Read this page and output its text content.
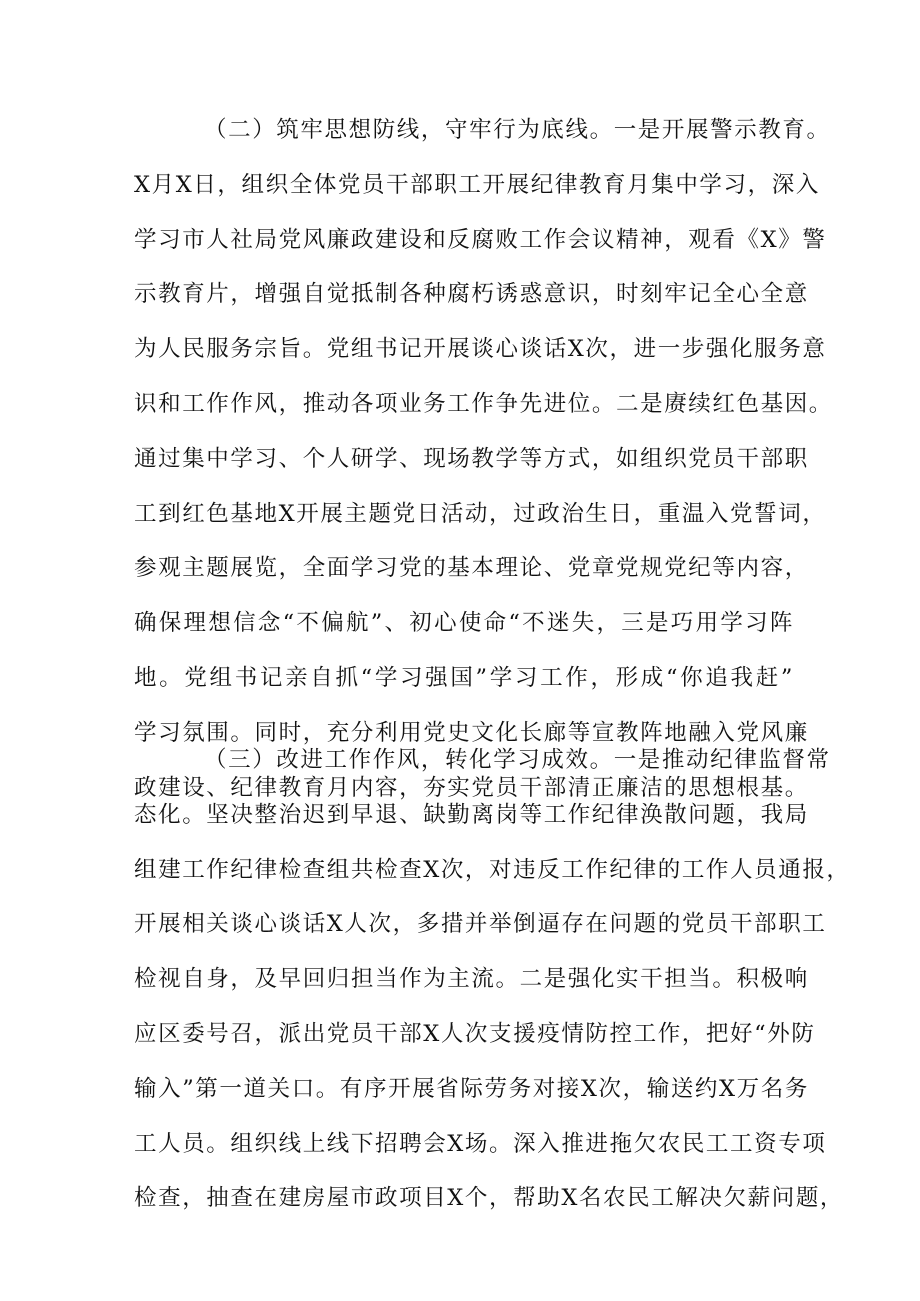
（二）筑牢思想防线，守牢行为底线。一是开展警示教育。
X月X日，组织全体党员干部职工开展纪律教育月集中学习，深入
学习市人社局党风廉政建设和反腐败工作会议精神，观看《X》警
示教育片，增强自觉抵制各种腐朽诱惑意识，时刻牢记全心全意
为人民服务宗旨。党组书记开展谈心谈话X次，进一步强化服务意
识和工作作风，推动各项业务工作争先进位。二是赓续红色基因。
通过集中学习、个人研学、现场教学等方式，如组织党员干部职
工到红色基地X开展主题党日活动，过政治生日，重温入党誓词，
参观主题展览，全面学习党的基本理论、党章党规党纪等内容，
确保理想信念“不偏航”、初心使命“不迷失，三是巧用学习阵
地。党组书记亲自抓“学习强国”学习工作，形成“你追我赶”
学习氛围。同时，充分利用党史文化长廊等宣教阵地融入党风廉
政建设、纪律教育月内容，夯实党员干部清正廉洁的思想根基。
（三）改进工作作风，转化学习成效。一是推动纪律监督常
态化。坚决整治迟到早退、缺勤离岗等工作纪律涣散问题，我局
组建工作纪律检查组共检查X次，对违反工作纪律的工作人员通报，
开展相关谈心谈话X人次，多措并举倒逼存在问题的党员干部职工
检视自身，及早回归担当作为主流。二是强化实干担当。积极响
应区委号召，派出党员干部X人次支援疫情防控工作，把好“外防
输入”第一道关口。有序开展省际劳务对接X次，输送约X万名务
工人员。组织线上线下招聘会X场。深入推进拖欠农民工工资专项
检查，抽查在建房屋市政项目X个，帮助X名农民工解决欠薪问题，
